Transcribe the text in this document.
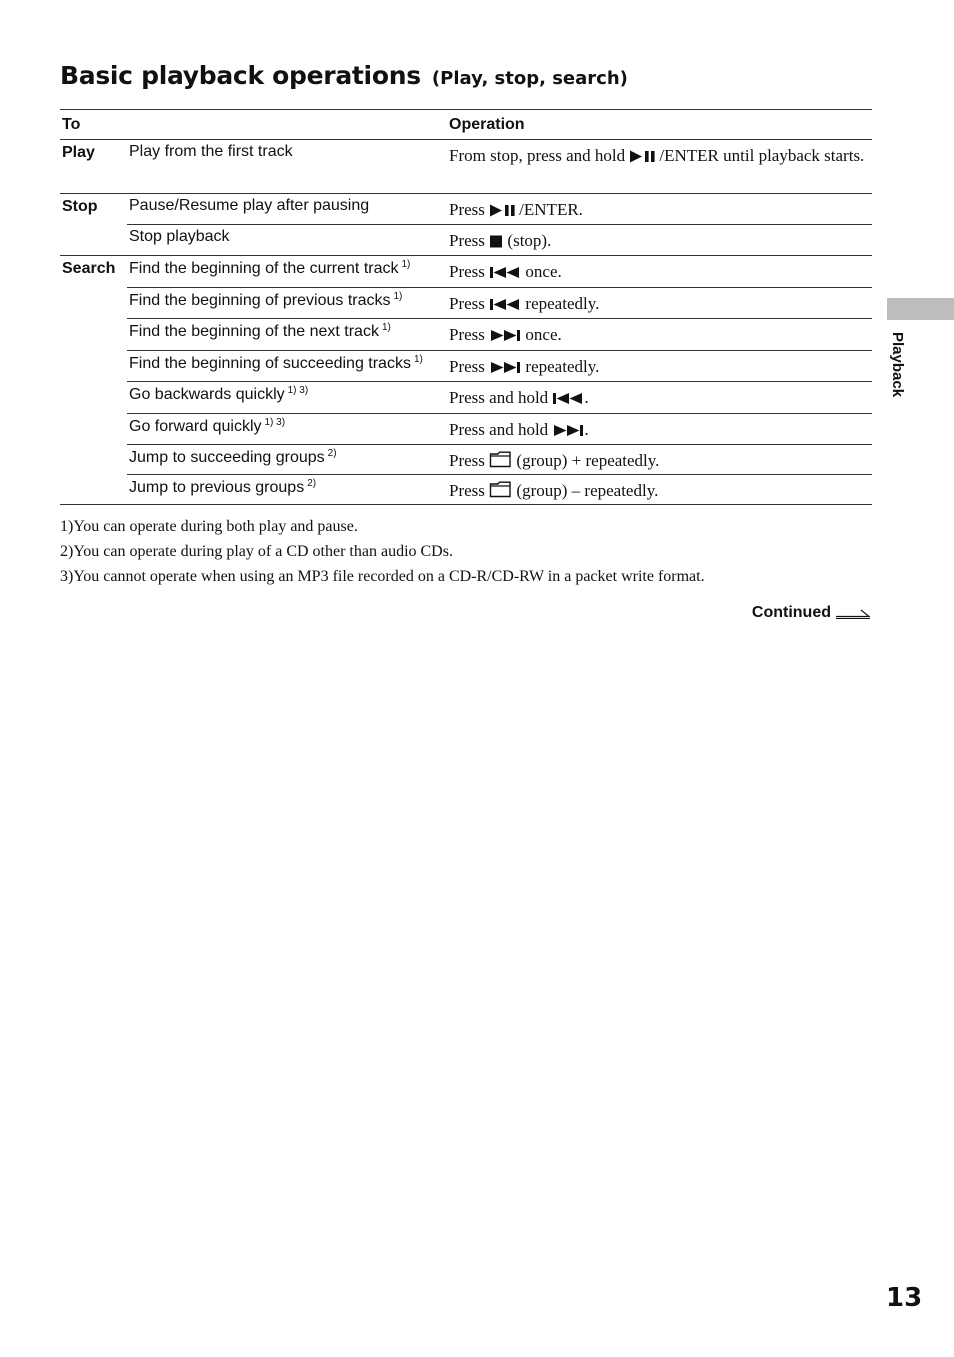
Basic playback operations (Play, stop, search)
To		Operation
Play	Play from the first track	From stop, press and hold /ENTER until playback starts.
Stop	Pause/Resume play after pausing	Press /ENTER.
	Stop playback	Press (stop).
Search	Find the beginning of the current track $^{1)}$	Press once.
	Find the beginning of previous tracks $^{1)}$	Press repeatedly.
	Find the beginning of the next track $^{1)}$	Press once.
	Find the beginning of succeeding tracks $^{1)}$	Press repeatedly.
	Go backwards quickly $^{1) 3)}$	Press and hold .
	Go forward quickly $^{1) 3)}$	Press and hold .
	Jump to succeeding groups $^{2)}$	Press (group) + repeatedly.
	Jump to previous groups $^{2)}$	Press (group) – repeatedly.
1)You can operate during both play and pause.
2)You can operate during play of a CD other than audio CDs.
3)You cannot operate when using an MP3 file recorded on a CD-R/CD-RW in a packet write format.
Continued
Playback
13
